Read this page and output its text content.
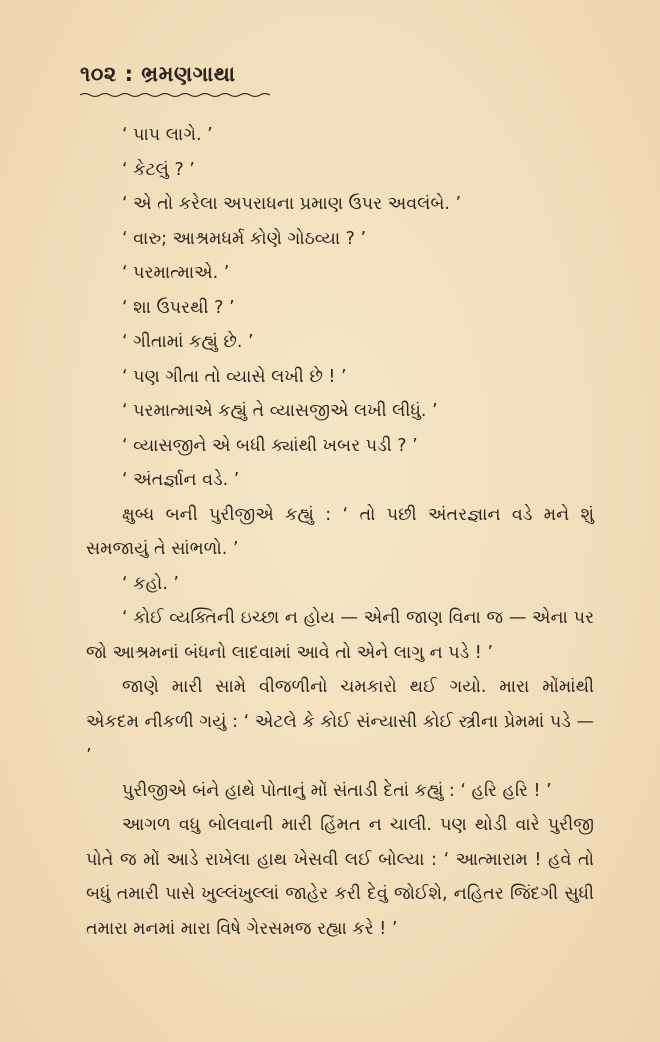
૧૦૨ : ભ્રમણગાથા
‘ પાપ લાગે. ’
‘ કેટલું ? ’
‘ એ તો કરેલા અપરાધના પ્રમાણ ઉપર અવલંબે. ’
‘ વારુ; આશ્રમધર્મ કોણે ગોઠવ્યા ? ’
‘ પરમાત્માએ. ’
‘ શા ઉપરથી ? ’
‘ ગીતામાં કહ્યું છે. ’
‘ પણ ગીતા તો વ્યાસે લખી છે ! ’
‘ પરમાત્માએ કહ્યું તે વ્યાસજીએ લખી લીધું. ’
‘ વ્યાસજીને એ બધી ક્યાંથી ખબર પડી ? ’
‘ અંતર્જ્ઞાન વડે. ’

ક્ષુબ્ધ બની પુરીજીએ કહ્યું : ‘ તો પછી અંતરજ્ઞાન વડે મને શું સમજાયું તે સાંભળો. ’

‘ કહો. ’

‘ કોઈ વ્યક્તિની ઇચ્છા ન હોય — એની જાણ વિના જ — એના પર જો આશ્રમનાં બંધનો લાદવામાં આવે તો એને લાગુ ન પડે ! ’

જાણે મારી સામે વીજળીનો ચમકારો થઈ ગયો. મારા મોંમાંથી એકદમ નીકળી ગયું : ‘ એટલે કે કોઈ સંન્યાસી કોઈ સ્ત્રીના પ્રેમમાં પડે — ’

પુરીજીએ બંને હાથે પોતાનું મોં સંતાડી દેતાં કહ્યું : ‘ હરિ હરિ ! ’

આગળ વધુ બોલવાની મારી હિંમત ન ચાલી. પણ થોડી વારે પુરીજી પોતે જ મોં આડે રાખેલા હાથ ખેસવી લઈ બોલ્યા : ‘ આત્મારામ ! હવે તો બધું તમારી પાસે ખુલ્લંખુલ્લાં જાહેર કરી દેવું જોઈશે, નહિતર જિંદગી સુધી તમારા મનમાં મારા વિષે ગેરસમજ રહ્યા કરે ! ’
